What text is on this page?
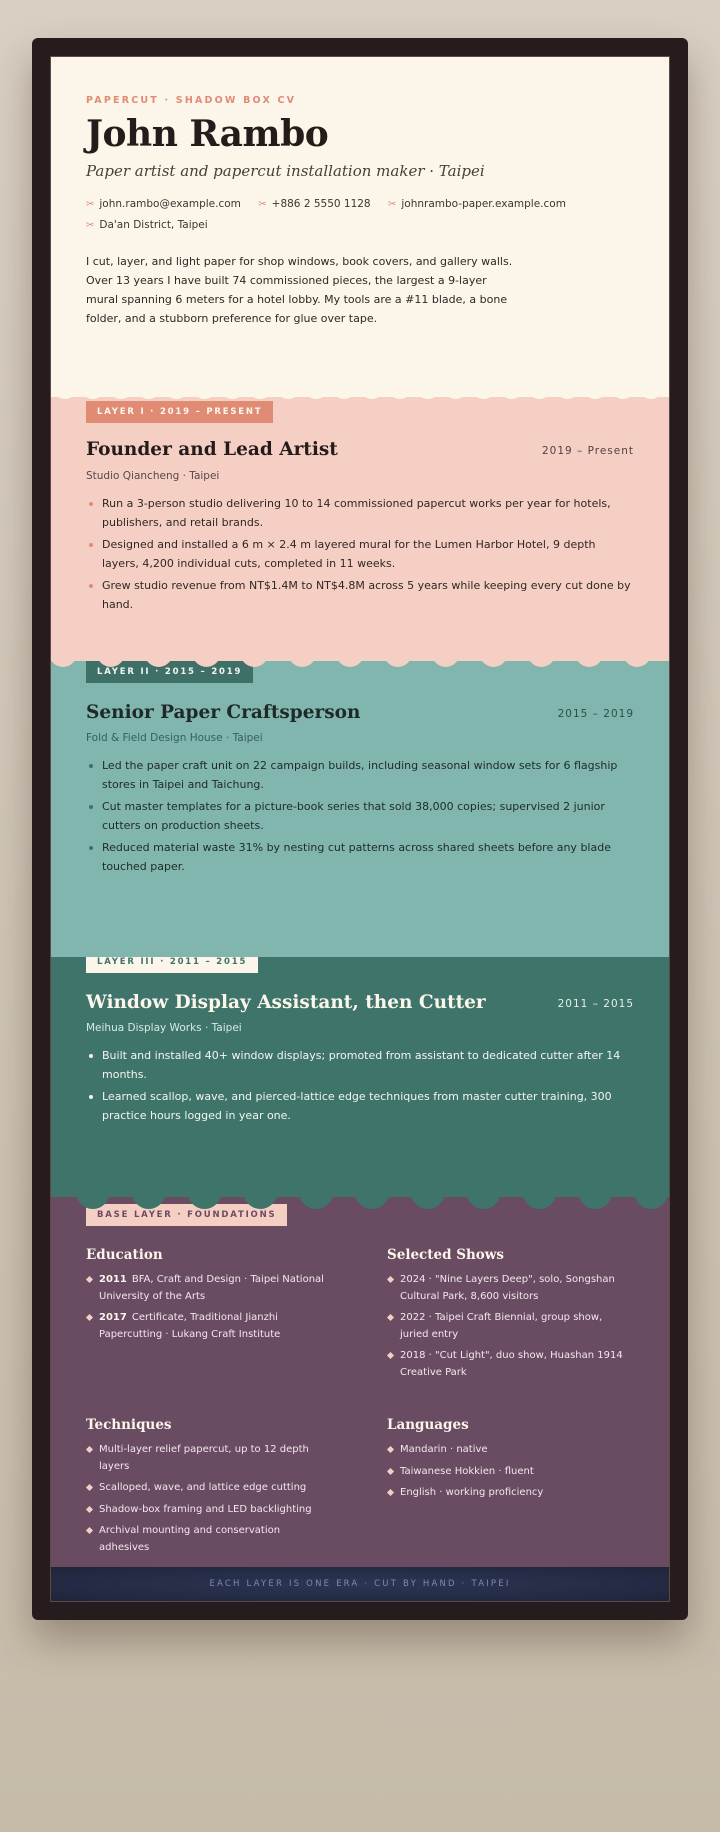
BASE LAYER · FOUNDATIONS
Education
2011 BFA, Craft and Design · Taipei National University of the Arts
2017 Certificate, Traditional Jianzhi Papercutting · Lukang Craft Institute
Selected Shows
2024 · "Nine Layers Deep", solo, Songshan Cultural Park, 8,600 visitors
2022 · Taipei Craft Biennial, group show, juried entry
2018 · "Cut Light", duo show, Huashan 1914 Creative Park
Techniques
Multi-layer relief papercut, up to 12 depth layers
Scalloped, wave, and lattice edge cutting
Shadow-box framing and LED backlighting
Archival mounting and conservation adhesives
Languages
Mandarin · native
Taiwanese Hokkien · fluent
English · working proficiency
LAYER III · 2011 – 2015
Window Display Assistant, then Cutter	2011 – 2015
Meihua Display Works · Taipei
Built and installed 40+ window displays; promoted from assistant to dedicated cutter after 14 months.
Learned scallop, wave, and pierced-lattice edge techniques from master cutter training, 300 practice hours logged in year one.
LAYER II · 2015 – 2019
Senior Paper Craftsperson	2015 – 2019
Fold & Field Design House · Taipei
Led the paper craft unit on 22 campaign builds, including seasonal window sets for 6 flagship stores in Taipei and Taichung.
Cut master templates for a picture-book series that sold 38,000 copies; supervised 2 junior cutters on production sheets.
Reduced material waste 31% by nesting cut patterns across shared sheets before any blade touched paper.
LAYER I · 2019 – PRESENT
Founder and Lead Artist	2019 – Present
Studio Qiancheng · Taipei
Run a 3-person studio delivering 10 to 14 commissioned papercut works per year for hotels, publishers, and retail brands.
Designed and installed a 6 m × 2.4 m layered mural for the Lumen Harbor Hotel, 9 depth layers, 4,200 individual cuts, completed in 11 weeks.
Grew studio revenue from NT$1.4M to NT$4.8M across 5 years while keeping every cut done by hand.
PAPERCUT · SHADOW BOX CV
John Rambo
Paper artist and papercut installation maker · Taipei
✂ john.rambo@example.com ✂ +886 2 5550 1128 ✂ johnrambo-paper.example.com
✂ Da'an District, Taipei

I cut, layer, and light paper for shop windows, book covers, and gallery walls. Over 13 years I have built 74 commissioned pieces, the largest a 9-layer mural spanning 6 meters for a hotel lobby. My tools are a #11 blade, a bone folder, and a stubborn preference for glue over tape.

EACH LAYER IS ONE ERA · CUT BY HAND · TAIPEI
